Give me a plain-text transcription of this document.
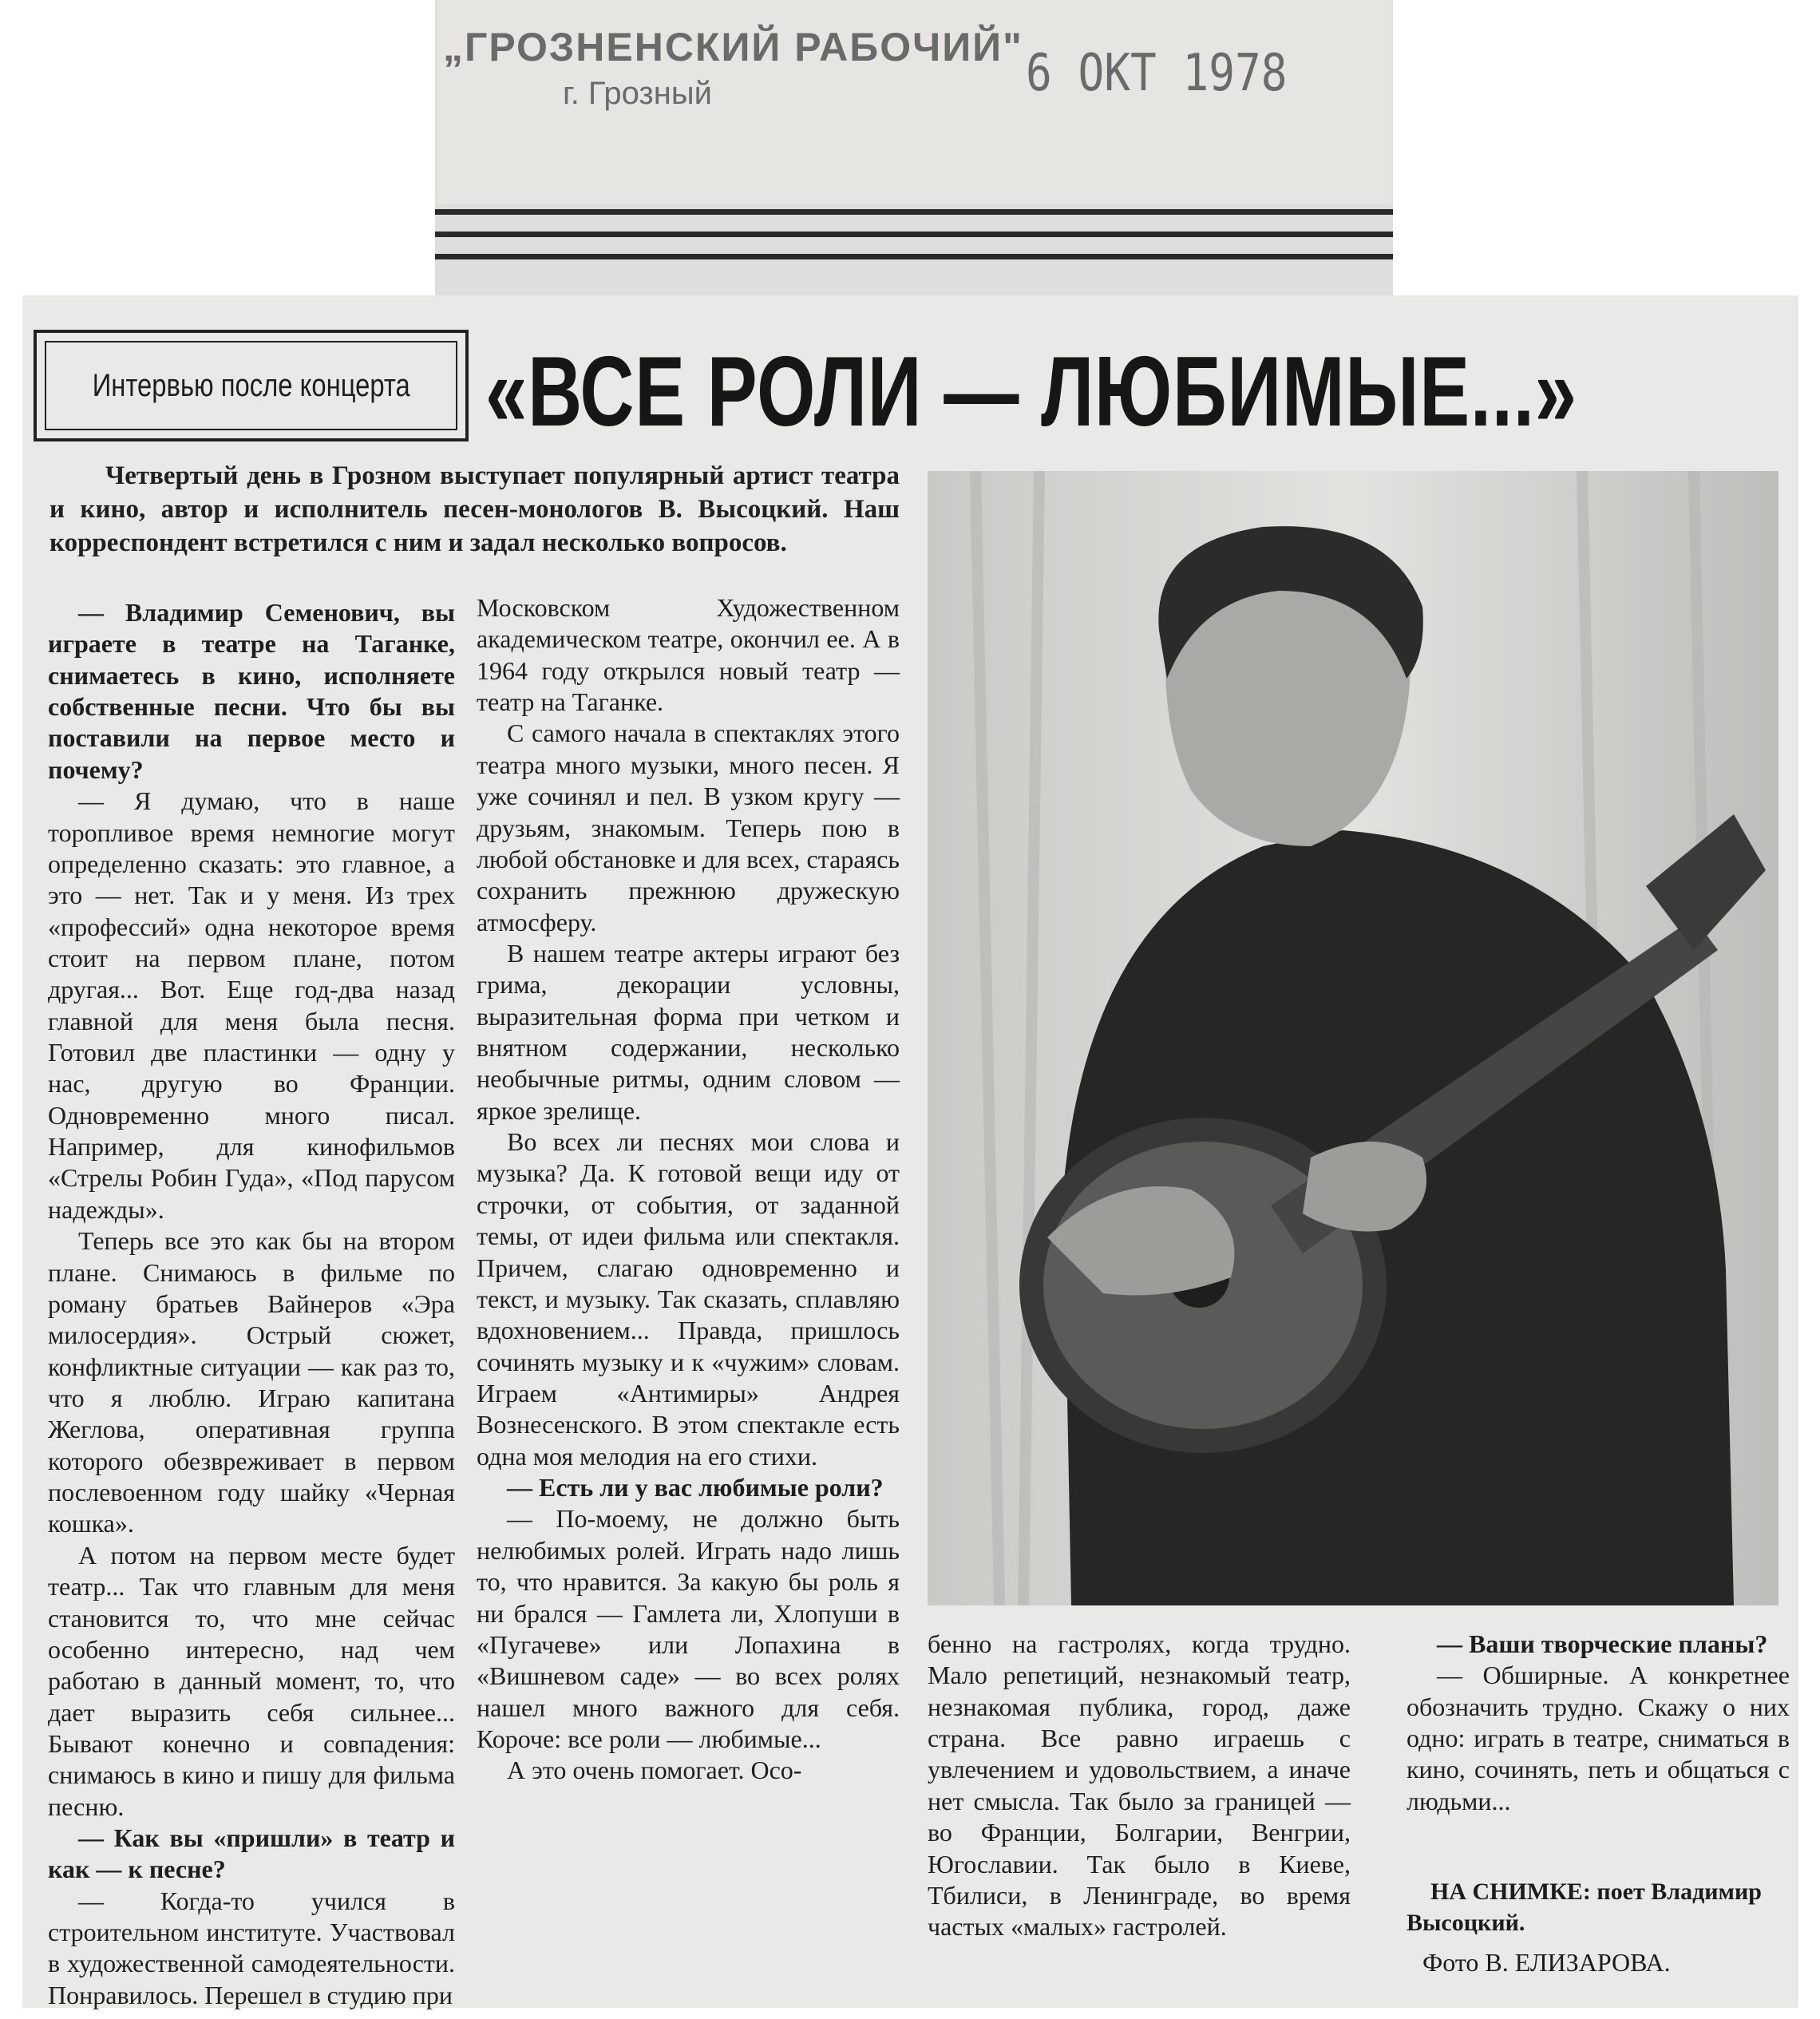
„ГРОЗНЕНСКИЙ РАБОЧИЙ"
г. Грозный	6 ОКТ 1978
Интервью после концерта «ВСЕ РОЛИ — ЛЮБИМЫЕ...»

Четвертый день в Грозном выступает популярный артист театра и кино, автор и исполнитель песен-монологов В. Высоцкий. Наш корреспондент встретился с ним и задал несколько вопросов.

— Владимир Семенович, вы играете в театре на Таганке, снимаетесь в кино, исполняете собственные песни. Что бы вы поставили на первое место и почему?

— Я думаю, что в наше торопливое время немногие могут определенно сказать: это главное, а это — нет. Так и у меня. Из трех «профессий» одна некоторое время стоит на первом плане, потом другая... Вот. Еще год-два назад главной для меня была песня. Готовил две пластинки — одну у нас, другую во Франции. Одновременно много писал. Например, для кинофильмов «Стрелы Робин Гуда», «Под парусом надежды».

Теперь все это как бы на втором плане. Снимаюсь в фильме по роману братьев Вайнеров «Эра милосердия». Острый сюжет, конфликтные ситуации — как раз то, что я люблю. Играю капитана Жеглова, оперативная группа которого обезвреживает в первом послевоенном году шайку «Черная кошка».

А потом на первом месте будет театр... Так что главным для меня становится то, что мне сейчас особенно интересно, над чем работаю в данный момент, то, что дает выразить себя сильнее... Бывают конечно и совпадения: снимаюсь в кино и пишу для фильма песню.

— Как вы «пришли» в театр и как — к песне?

— Когда-то учился в строительном институте. Участвовал в художественной самодеятельности. Понравилось. Перешел в студию при

Московском Художественном академическом театре, окончил ее. А в 1964 году открылся новый театр — театр на Таганке.

С самого начала в спектаклях этого театра много музыки, много песен. Я уже сочинял и пел. В узком кругу — друзьям, знакомым. Теперь пою в любой обстановке и для всех, стараясь сохранить прежнюю дружескую атмосферу.

В нашем театре актеры играют без грима, декорации условны, выразительная форма при четком и внятном содержании, несколько необычные ритмы, одним словом — яркое зрелище.

Во всех ли песнях мои слова и музыка? Да. К готовой вещи иду от строчки, от события, от заданной темы, от идеи фильма или спектакля. Причем, слагаю одновременно и текст, и музыку. Так сказать, сплавляю вдохновением... Правда, пришлось сочинять музыку и к «чужим» словам. Играем «Антимиры» Андрея Вознесенского. В этом спектакле есть одна моя мелодия на его стихи.

— Есть ли у вас любимые роли?

— По-моему, не должно быть нелюбимых ролей. Играть надо лишь то, что нравится. За какую бы роль я ни брался — Гамлета ли, Хлопуши в «Пугачеве» или Лопахина в «Вишневом саде» — во всех ролях нашел много важного для себя. Короче: все роли — любимые...

А это очень помогает. Осо-

бенно на гастролях, когда трудно. Мало репетиций, незнакомый театр, незнакомая публика, город, даже страна. Все равно играешь с увлечением и удовольствием, а иначе нет смысла. Так было за границей — во Франции, Болгарии, Венгрии, Югославии. Так было в Киеве, Тбилиси, в Ленинграде, во время частых «малых» гастролей.

— Ваши творческие планы?

— Обширные. А конкретнее обозначить трудно. Скажу о них одно: играть в театре, сниматься в кино, сочинять, петь и общаться с людьми...

НА СНИМКЕ: поет Владимир Высоцкий.

Фото В. ЕЛИЗАРОВА.
